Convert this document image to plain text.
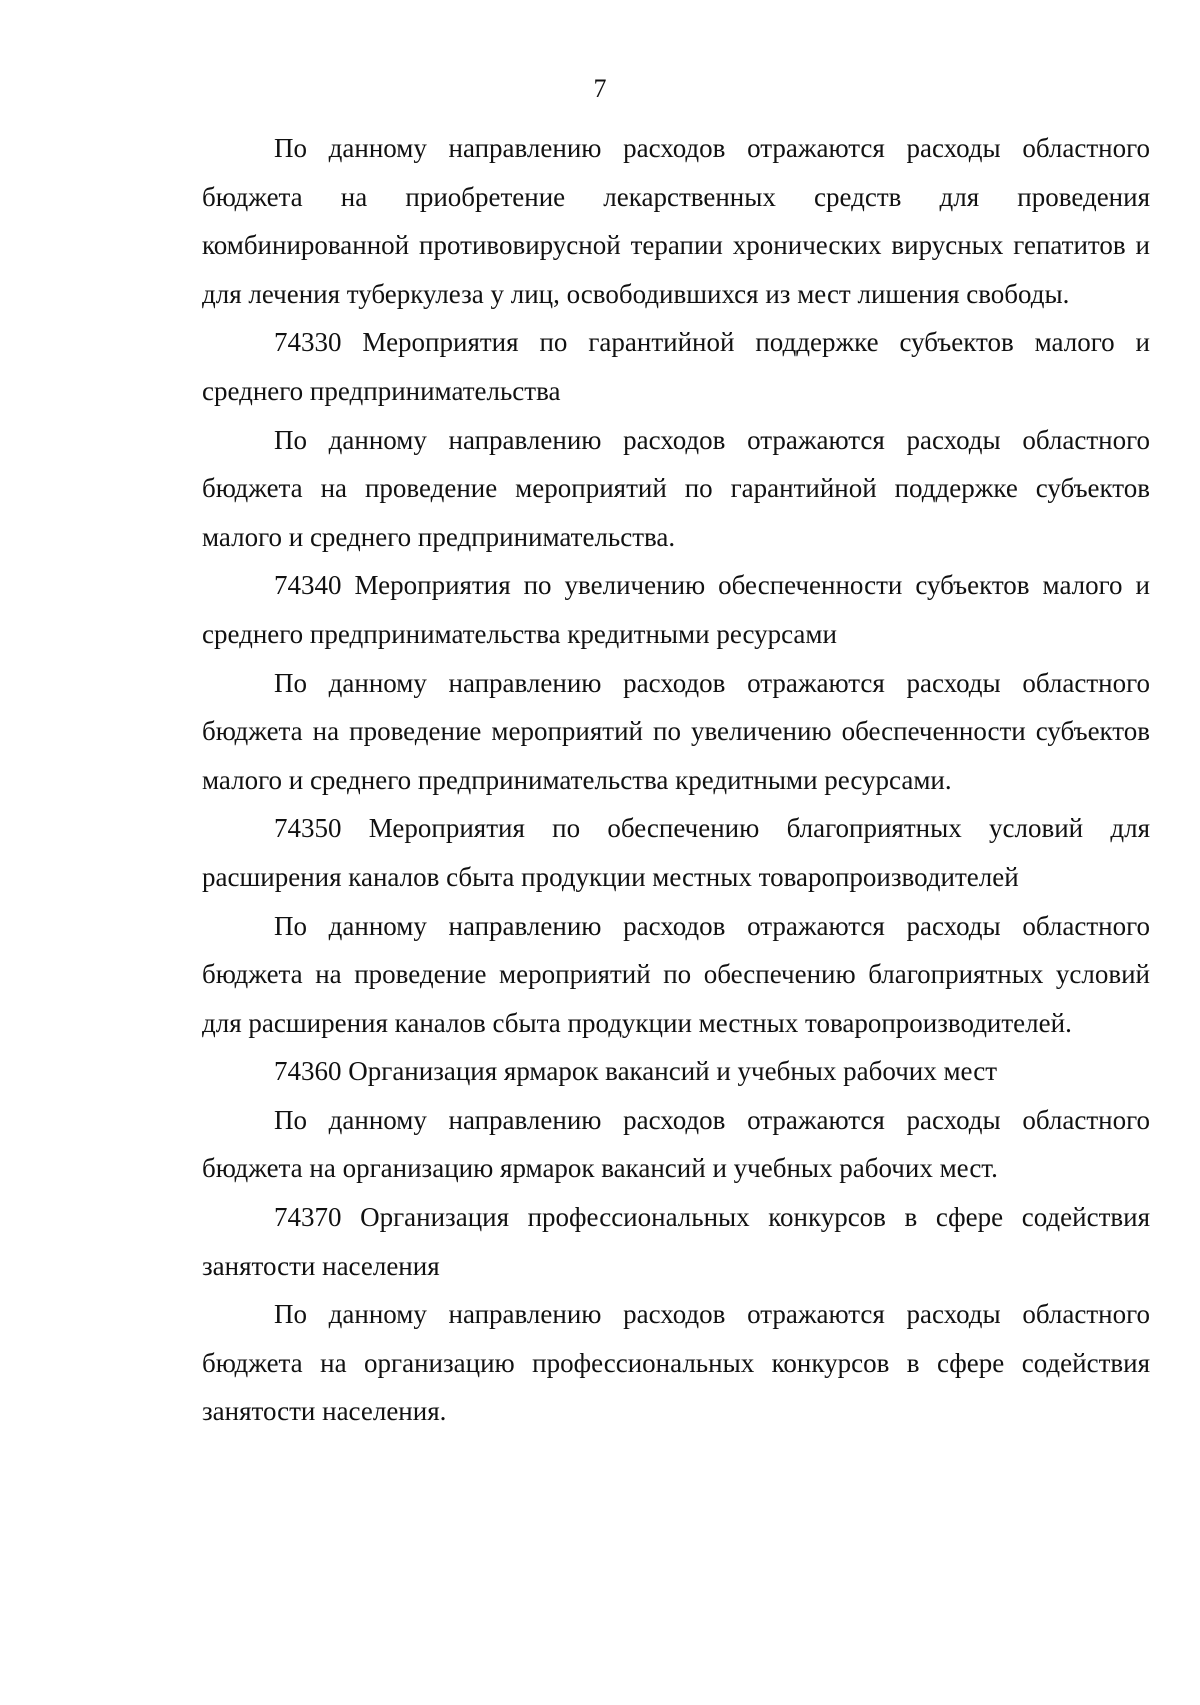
7

По данному направлению расходов отражаются расходы областного бюджета на приобретение лекарственных средств для проведения комбинированной противовирусной терапии хронических вирусных гепатитов и для лечения туберкулеза у лиц, освободившихся из мест лишения свободы.

74330 Мероприятия по гарантийной поддержке субъектов малого и среднего предпринимательства

По данному направлению расходов отражаются расходы областного бюджета на проведение мероприятий по гарантийной поддержке субъектов малого и среднего предпринимательства.

74340 Мероприятия по увеличению обеспеченности субъектов малого и среднего предпринимательства кредитными ресурсами

По данному направлению расходов отражаются расходы областного бюджета на проведение мероприятий по увеличению обеспеченности субъектов малого и среднего предпринимательства кредитными ресурсами.

74350 Мероприятия по обеспечению благоприятных условий для расширения каналов сбыта продукции местных товаропроизводителей

По данному направлению расходов отражаются расходы областного бюджета на проведение мероприятий по обеспечению благоприятных условий для расширения каналов сбыта продукции местных товаропроизводителей.

74360 Организация ярмарок вакансий и учебных рабочих мест

По данному направлению расходов отражаются расходы областного бюджета на организацию ярмарок вакансий и учебных рабочих мест.

74370 Организация профессиональных конкурсов в сфере содействия занятости населения

По данному направлению расходов отражаются расходы областного бюджета на организацию профессиональных конкурсов в сфере содействия занятости населения.
